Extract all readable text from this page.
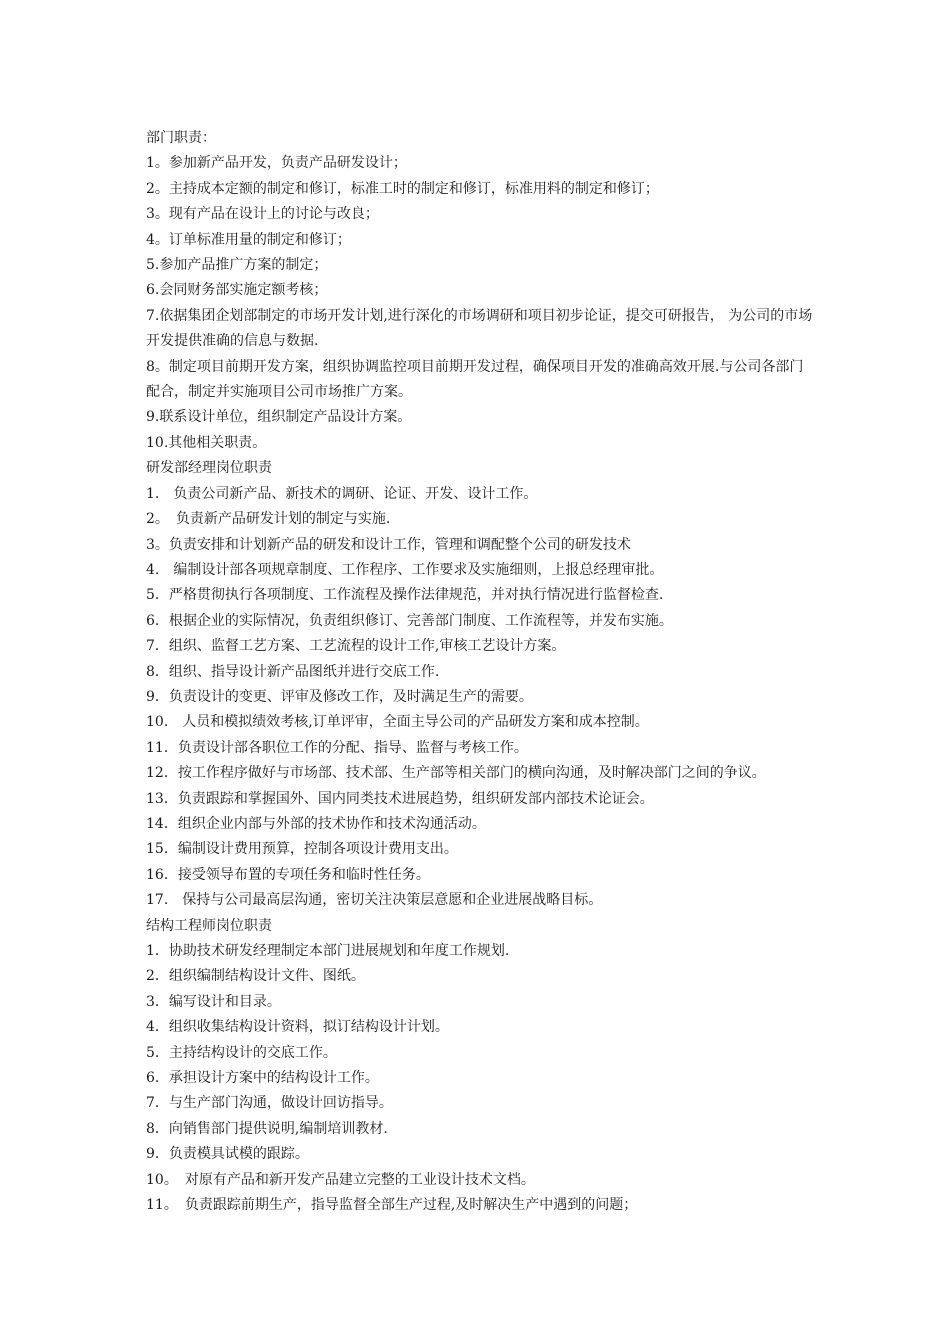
部门职责：

1。参加新产品开发，负责产品研发设计；

2。主持成本定额的制定和修订，标准工时的制定和修订，标准用料的制定和修订；

3。现有产品在设计上的讨论与改良；

4。订单标准用量的制定和修订；

5.参加产品推广方案的制定；

6.会同财务部实施定额考核；

7.依据集团企划部制定的市场开发计划,进行深化的市场调研和项目初步论证，提交可研报告， 为公司的市场开发提供准确的信息与数据.

8。制定项目前期开发方案，组织协调监控项目前期开发过程，确保项目开发的准确高效开展.与公司各部门配合，制定并实施项目公司市场推广方案。

9.联系设计单位，组织制定产品设计方案。

10.其他相关职责。

研发部经理岗位职责

1.　负责公司新产品、新技术的调研、论证、开发、设计工作。

2。　负责新产品研发计划的制定与实施.

3。负责安排和计划新产品的研发和设计工作，管理和调配整个公司的研发技术

4.　编制设计部各项规章制度、工作程序、工作要求及实施细则，上报总经理审批。

5．严格贯彻执行各项制度、工作流程及操作法律规范，并对执行情况进行监督检查.

6．根据企业的实际情况，负责组织修订、完善部门制度、工作流程等，并发布实施。

7．组织、监督工艺方案、工艺流程的设计工作,审核工艺设计方案。

8．组织、指导设计新产品图纸并进行交底工作.

9．负责设计的变更、评审及修改工作，及时满足生产的需要。

10.　人员和模拟绩效考核,订单评审，全面主导公司的产品研发方案和成本控制。

11．负责设计部各职位工作的分配、指导、监督与考核工作。

12．按工作程序做好与市场部、技术部、生产部等相关部门的横向沟通，及时解决部门之间的争议。

13．负责跟踪和掌握国外、国内同类技术进展趋势，组织研发部内部技术论证会。

14．组织企业内部与外部的技术协作和技术沟通活动。

15．编制设计费用预算，控制各项设计费用支出。

16．接受领导布置的专项任务和临时性任务。

17.　保持与公司最高层沟通，密切关注决策层意愿和企业进展战略目标。

结构工程师岗位职责

1．协助技术研发经理制定本部门进展规划和年度工作规划.

2．组织编制结构设计文件、图纸。

3．编写设计和目录。

4．组织收集结构设计资料，拟订结构设计计划。

5．主持结构设计的交底工作。

6．承担设计方案中的结构设计工作。

7．与生产部门沟通，做设计回访指导。

8．向销售部门提供说明,编制培训教材.

9．负责模具试模的跟踪。

10。　对原有产品和新开发产品建立完整的工业设计技术文档。

11。　负责跟踪前期生产，指导监督全部生产过程,及时解决生产中遇到的问题；
